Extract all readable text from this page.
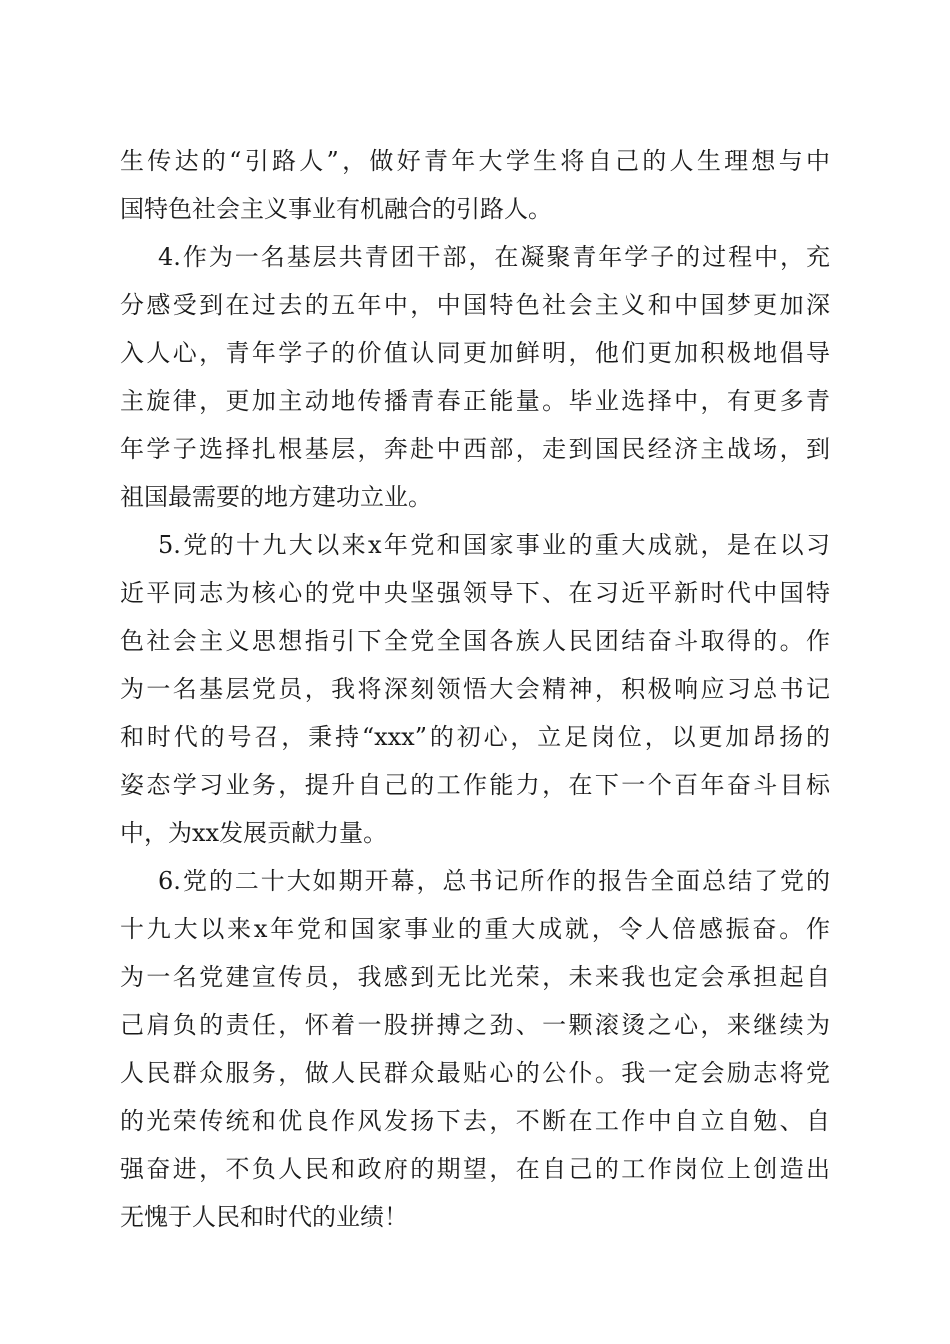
生传达的“引路人”，做好青年大学生将自己的人生理想与中
国特色社会主义事业有机融合的引路人。
4.作为一名基层共青团干部，在凝聚青年学子的过程中，充
分感受到在过去的五年中，中国特色社会主义和中国梦更加深
入人心，青年学子的价值认同更加鲜明，他们更加积极地倡导
主旋律，更加主动地传播青春正能量。毕业选择中，有更多青
年学子选择扎根基层，奔赴中西部，走到国民经济主战场，到
祖国最需要的地方建功立业。
5.党的十九大以来x年党和国家事业的重大成就，是在以习
近平同志为核心的党中央坚强领导下、在习近平新时代中国特
色社会主义思想指引下全党全国各族人民团结奋斗取得的。作
为一名基层党员，我将深刻领悟大会精神，积极响应习总书记
和时代的号召，秉持“xxx”的初心，立足岗位，以更加昂扬的
姿态学习业务，提升自己的工作能力，在下一个百年奋斗目标
中，为xx发展贡献力量。
6.党的二十大如期开幕，总书记所作的报告全面总结了党的
十九大以来x年党和国家事业的重大成就，令人倍感振奋。作
为一名党建宣传员，我感到无比光荣，未来我也定会承担起自
己肩负的责任，怀着一股拼搏之劲、一颗滚烫之心，来继续为
人民群众服务，做人民群众最贴心的公仆。我一定会励志将党
的光荣传统和优良作风发扬下去，不断在工作中自立自勉、自
强奋进，不负人民和政府的期望，在自己的工作岗位上创造出
无愧于人民和时代的业绩！
